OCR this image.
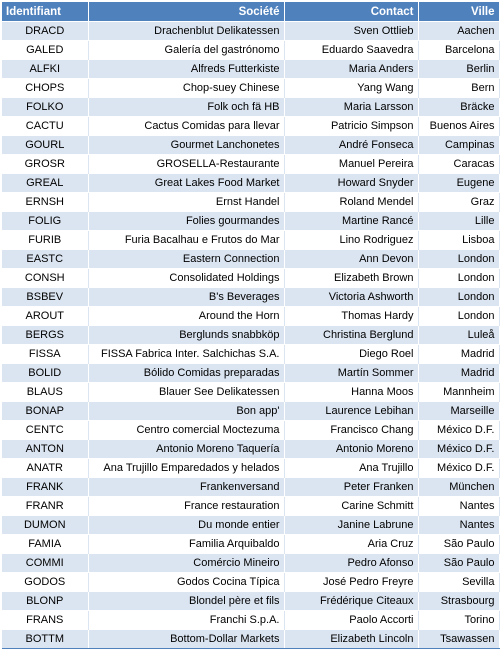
Identifiant	Société	Contact	Ville
DRACD	Drachenblut Delikatessen	Sven Ottlieb	Aachen
GALED	Galería del gastrónomo	Eduardo Saavedra	Barcelona
ALFKI	Alfreds Futterkiste	Maria Anders	Berlin
CHOPS	Chop-suey Chinese	Yang Wang	Bern
FOLKO	Folk och fä HB	Maria Larsson	Bräcke
CACTU	Cactus Comidas para llevar	Patricio Simpson	Buenos Aires
GOURL	Gourmet Lanchonetes	André Fonseca	Campinas
GROSR	GROSELLA-Restaurante	Manuel Pereira	Caracas
GREAL	Great Lakes Food Market	Howard Snyder	Eugene
ERNSH	Ernst Handel	Roland Mendel	Graz
FOLIG	Folies gourmandes	Martine Rancé	Lille
FURIB	Furia Bacalhau e Frutos do Mar	Lino Rodriguez	Lisboa
EASTC	Eastern Connection	Ann Devon	London
CONSH	Consolidated Holdings	Elizabeth Brown	London
BSBEV	B's Beverages	Victoria Ashworth	London
AROUT	Around the Horn	Thomas Hardy	London
BERGS	Berglunds snabbköp	Christina Berglund	Luleå
FISSA	FISSA Fabrica Inter. Salchichas S.A.	Diego Roel	Madrid
BOLID	Bólido Comidas preparadas	Martín Sommer	Madrid
BLAUS	Blauer See Delikatessen	Hanna Moos	Mannheim
BONAP	Bon app'	Laurence Lebihan	Marseille
CENTC	Centro comercial Moctezuma	Francisco Chang	México D.F.
ANTON	Antonio Moreno Taquería	Antonio Moreno	México D.F.
ANATR	Ana Trujillo Emparedados y helados	Ana Trujillo	México D.F.
FRANK	Frankenversand	Peter Franken	München
FRANR	France restauration	Carine Schmitt	Nantes
DUMON	Du monde entier	Janine Labrune	Nantes
FAMIA	Familia Arquibaldo	Aria Cruz	São Paulo
COMMI	Comércio Mineiro	Pedro Afonso	São Paulo
GODOS	Godos Cocina Típica	José Pedro Freyre	Sevilla
BLONP	Blondel père et fils	Frédérique Citeaux	Strasbourg
FRANS	Franchi S.p.A.	Paolo Accorti	Torino
BOTTM	Bottom-Dollar Markets	Elizabeth Lincoln	Tsawassen
